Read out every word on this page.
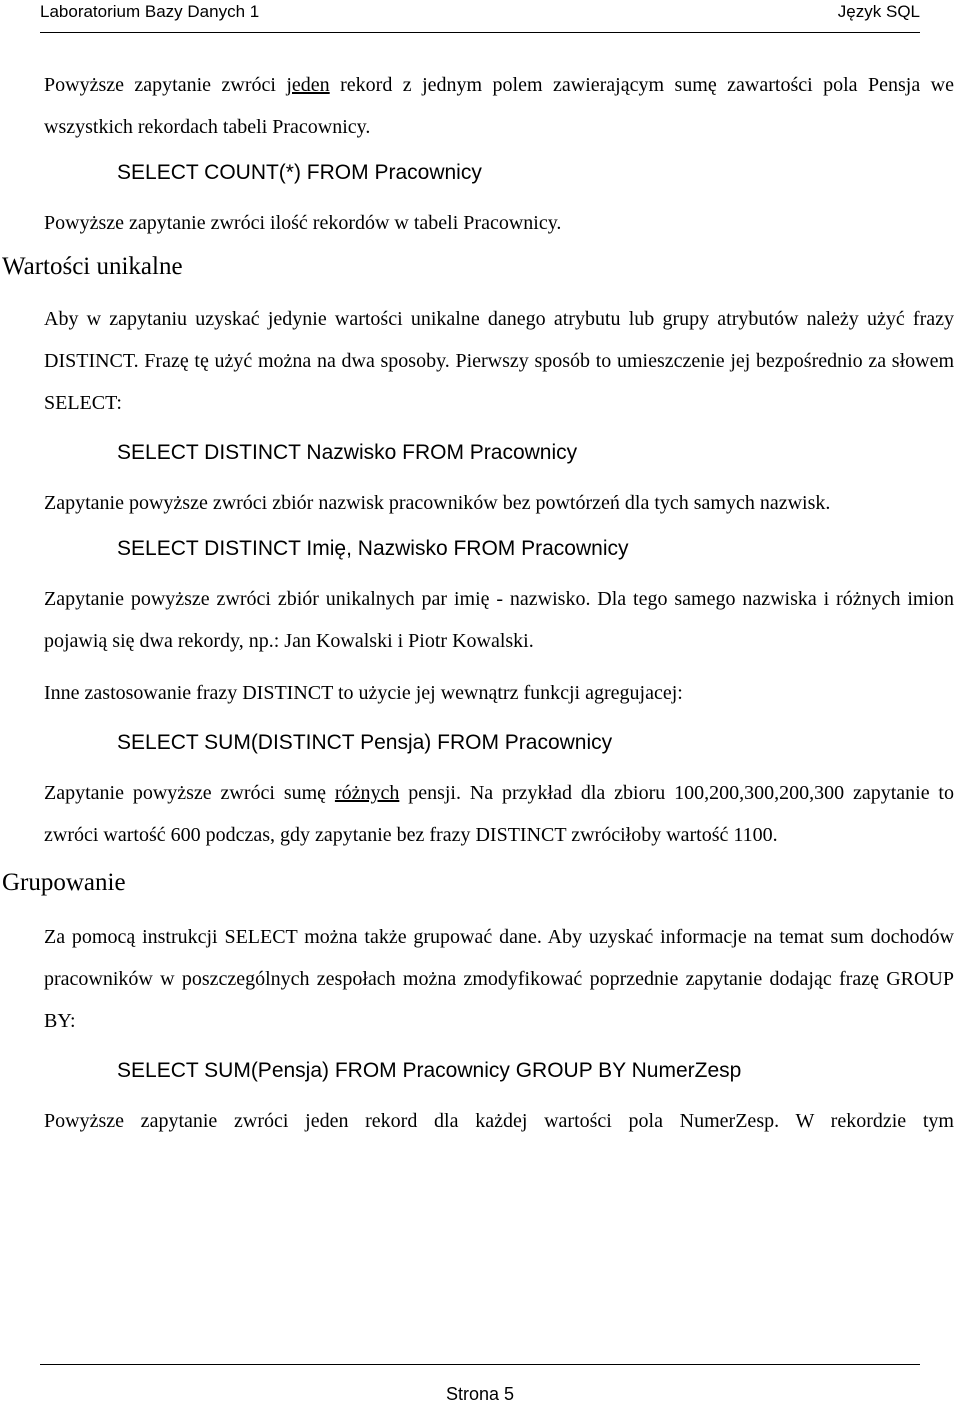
Laboratorium Bazy Danych 1	Język SQL
Powyższe zapytanie zwróci jeden rekord z jednym polem zawierającym sumę zawartości pola Pensja we wszystkich rekordach tabeli Pracownicy.
SELECT COUNT(*) FROM Pracownicy
Powyższe zapytanie zwróci ilość rekordów w tabeli Pracownicy.
Wartości unikalne
Aby w zapytaniu uzyskać jedynie wartości unikalne danego atrybutu lub grupy atrybutów należy użyć frazy DISTINCT. Frazę tę użyć można na dwa sposoby. Pierwszy sposób to umieszczenie jej bezpośrednio za słowem SELECT:
SELECT DISTINCT Nazwisko FROM Pracownicy
Zapytanie powyższe zwróci zbiór nazwisk pracowników bez powtórzeń dla tych samych nazwisk.
SELECT DISTINCT Imię, Nazwisko FROM Pracownicy
Zapytanie powyższe zwróci zbiór unikalnych par imię - nazwisko. Dla tego samego nazwiska i różnych imion pojawią się dwa rekordy, np.: Jan Kowalski i Piotr Kowalski.
Inne zastosowanie frazy DISTINCT to użycie jej wewnątrz funkcji agregujacej:
SELECT SUM(DISTINCT Pensja) FROM Pracownicy
Zapytanie powyższe zwróci sumę różnych pensji. Na przykład dla zbioru 100,200,300,200,300 zapytanie to zwróci wartość 600 podczas, gdy zapytanie bez frazy DISTINCT zwróciłoby wartość 1100.
Grupowanie
Za pomocą instrukcji SELECT można także grupować dane. Aby uzyskać informacje na temat sum dochodów pracowników w poszczególnych zespołach można zmodyfikować poprzednie zapytanie dodając frazę GROUP BY:
SELECT SUM(Pensja) FROM Pracownicy GROUP BY NumerZesp
Powyższe zapytanie zwróci jeden rekord dla każdej wartości pola NumerZesp. W rekordzie tym
Strona 5
